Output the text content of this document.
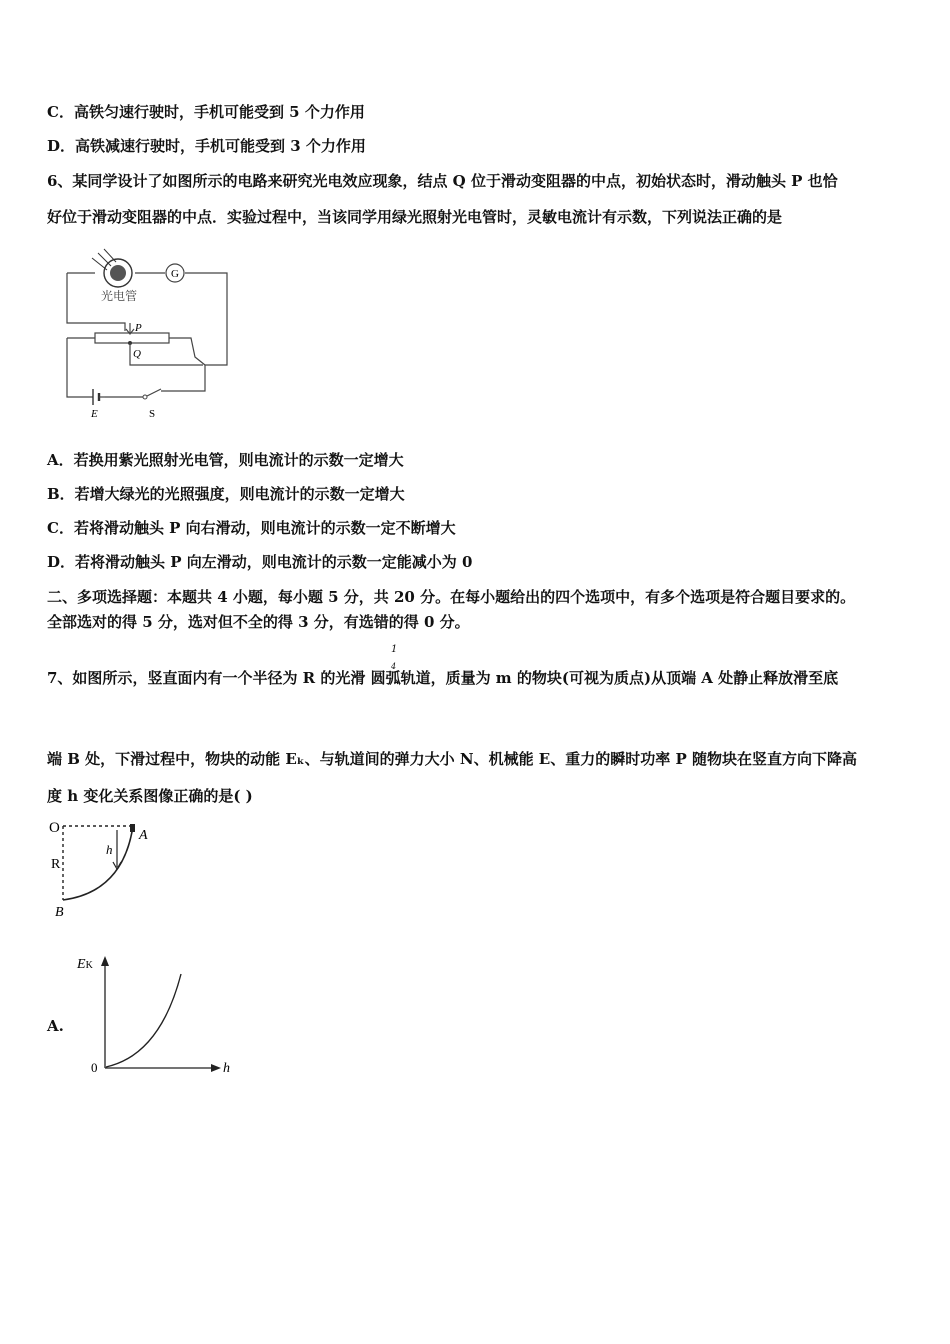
C．高铁匀速行驶时，手机可能受到 5 个力作用
D．高铁减速行驶时，手机可能受到 3 个力作用
6、某同学设计了如图所示的电路来研究光电效应现象，结点 Q 位于滑动变阻器的中点，初始状态时，滑动触头 P 也恰
好位于滑动变阻器的中点．实验过程中，当该同学用绿光照射光电管时，灵敏电流计有示数，下列说法正确的是
G
光电管
P
Q
E	S
A．若换用紫光照射光电管，则电流计的示数一定增大
B．若增大绿光的光照强度，则电流计的示数一定增大
C．若将滑动触头 P 向右滑动，则电流计的示数一定不断增大
D．若将滑动触头 P 向左滑动，则电流计的示数一定能减小为 0
二、多项选择题：本题共 4 小题，每小题 5 分，共 20 分。在每小题给出的四个选项中，有多个选项是符合题目要求的。
全部选对的得 5 分，选对但不全的得 3 分，有选错的得 0 分。
1
4
7、如图所示，竖直面内有一个半径为 R 的光滑 圆弧轨道，质量为 m 的物块(可视为质点)从顶端 A 处静止释放滑至底
端 B 处，下滑过程中，物块的动能 Eₖ、与轨道间的弹力大小 N、机械能 E、重力的瞬时功率 P 随物块在竖直方向下降高
度 h 变化关系图像正确的是( )
O
R
h
A
B
A.
EK
h
0
